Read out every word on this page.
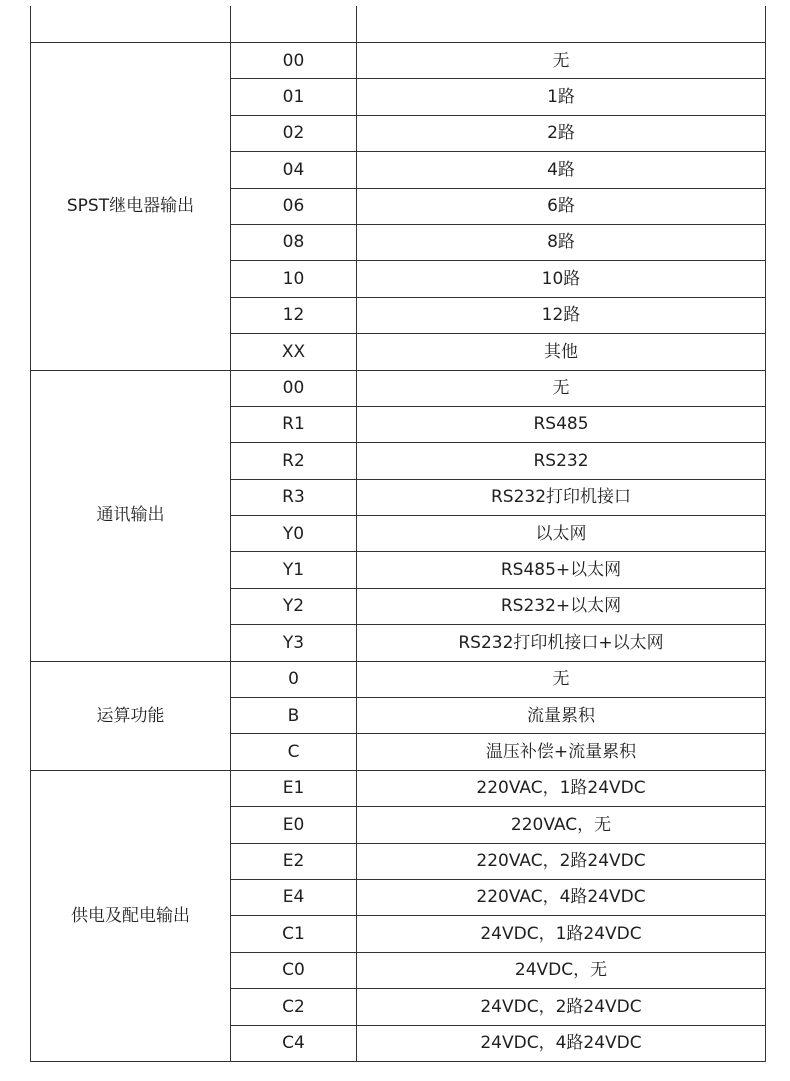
SPST继电器输出	00	无
	01	1路
	02	2路
	04	4路
	06	6路
	08	8路
	10	10路
	12	12路
	XX	其他
通讯输出	00	无
	R1	RS485
	R2	RS232
	R3	RS232打印机接口
	Y0	以太网
	Y1	RS485+以太网
	Y2	RS232+以太网
	Y3	RS232打印机接口+以太网
运算功能	0	无
	B	流量累积
	C	温压补偿+流量累积
供电及配电输出	E1	220VAC，1路24VDC
	E0	220VAC，无
	E2	220VAC，2路24VDC
	E4	220VAC，4路24VDC
	C1	24VDC，1路24VDC
	C0	24VDC，无
	C2	24VDC，2路24VDC
	C4	24VDC，4路24VDC
